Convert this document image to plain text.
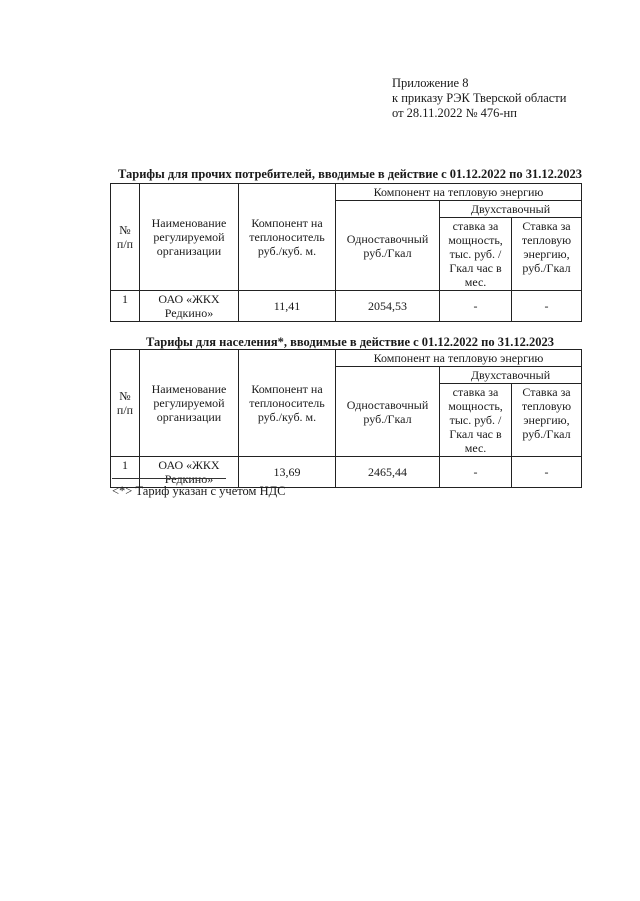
Приложение 8
к приказу РЭК Тверской области
от 28.11.2022 № 476-нп
Тарифы для прочих потребителей, вводимые в действие с 01.12.2022 по 31.12.2023
№ п/п	Наименование регулируемой организации	Компонент на теплоноситель руб./куб. м.	Компонент на тепловую энергию		
			Одноставочный руб./Гкал	Двухставочный	
				ставка за мощность, тыс. руб. /Гкал час в мес.	Ставка за тепловую энергию, руб./Гкал
1	ОАО «ЖКХ Редкино»	11,41	2054,53	-	-
Тарифы для населения*, вводимые в действие с 01.12.2022 по 31.12.2023
№ п/п	Наименование регулируемой организации	Компонент на теплоноситель руб./куб. м.	Компонент на тепловую энергию		
			Одноставочный руб./Гкал	Двухставочный	
				ставка за мощность, тыс. руб. /Гкал час в мес.	Ставка за тепловую энергию, руб./Гкал
1	ОАО «ЖКХ Редкино»	13,69	2465,44	-	-
<*> Тариф указан с учетом НДС
